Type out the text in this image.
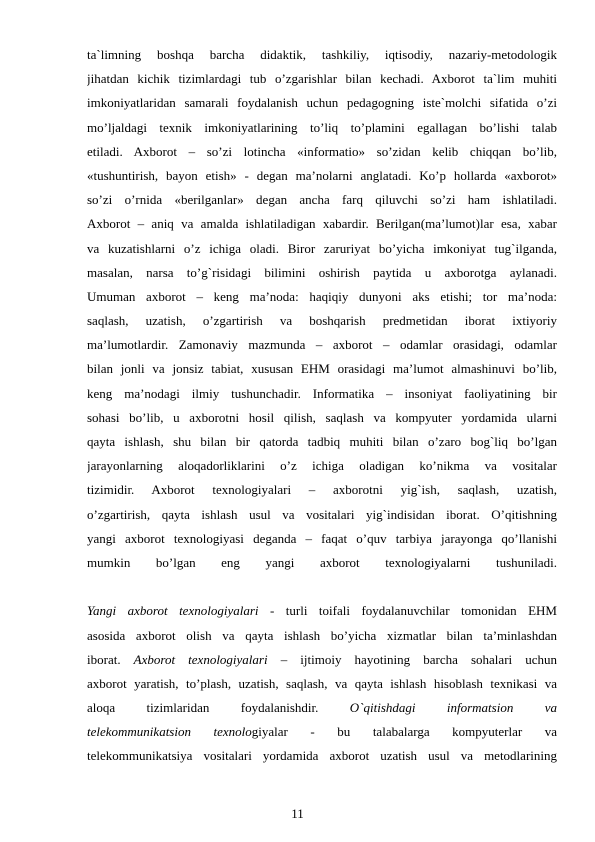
ta`limning boshqa barcha didaktik, tashkiliy, iqtisodiy, nazariy-metodologik
jihatdan kichik tizimlardagi tub o’zgarishlar bilan kechadi. Axborot ta`lim muhiti
imkoniyatlaridan samarali foydalanish uchun pedagogning iste`molchi sifatida o’zi
mo’ljaldagi texnik imkoniyatlarining to’liq to’plamini egallagan bo’lishi talab
etiladi. Axborot – so’zi lotincha «informatio» so’zidan kelib chiqqan bo’lib,
«tushuntirish, bayon etish» - degan ma’nolarni anglatadi. Ko’p hollarda «axborot»
so’zi o’rnida «berilganlar» degan ancha farq qiluvchi so’zi ham ishlatiladi.
Axborot – aniq va amalda ishlatiladigan xabardir. Berilgan(ma’lumot)lar esa, xabar
va kuzatishlarni o’z ichiga oladi. Biror zaruriyat bo’yicha imkoniyat tug`ilganda,
masalan, narsa to’g`risidagi bilimini oshirish paytida u axborotga aylanadi.
Umuman axborot – keng ma’noda: haqiqiy dunyoni aks etishi; tor ma’noda:
saqlash, uzatish, o’zgartirish va boshqarish predmetidan iborat ixtiyoriy
ma’lumotlardir. Zamonaviy mazmunda – axborot – odamlar orasidagi, odamlar
bilan jonli va jonsiz tabiat, xususan EHM orasidagi ma’lumot almashinuvi bo’lib,
keng ma’nodagi ilmiy tushunchadir. Informatika – insoniyat faoliyatining bir
sohasi bo’lib, u axborotni hosil qilish, saqlash va kompyuter yordamida ularni
qayta ishlash, shu bilan bir qatorda tadbiq muhiti bilan o’zaro bog`liq bo’lgan
jarayonlarning aloqadorliklarini o’z ichiga oladigan ko’nikma va vositalar
tizimidir. Axborot texnologiyalari – axborotni yig`ish, saqlash, uzatish,
o’zgartirish, qayta ishlash usul va vositalari yig`indisidan iborat. O’qitishning
yangi axborot texnologiyasi deganda – faqat o’quv tarbiya jarayonga qo’llanishi
mumkin bo’lgan eng yangi axborot texnologiyalarni tushuniladi.
Yangi axborot texnologiyalari - turli toifali foydalanuvchilar tomonidan EHM
asosida axborot olish va qayta ishlash bo’yicha xizmatlar bilan ta’minlashdan
iborat. Axborot texnologiyalari – ijtimoiy hayotining barcha sohalari uchun
axborot yaratish, to’plash, uzatish, saqlash, va qayta ishlash hisoblash texnikasi va
aloqa tizimlaridan foydalanishdir. O`qitishdagi informatsion va
telekommunikatsion texnologiyalar - bu talabalarga kompyuterlar va
telekommunikatsiya vositalari yordamida axborot uzatish usul va metodlarining
11
